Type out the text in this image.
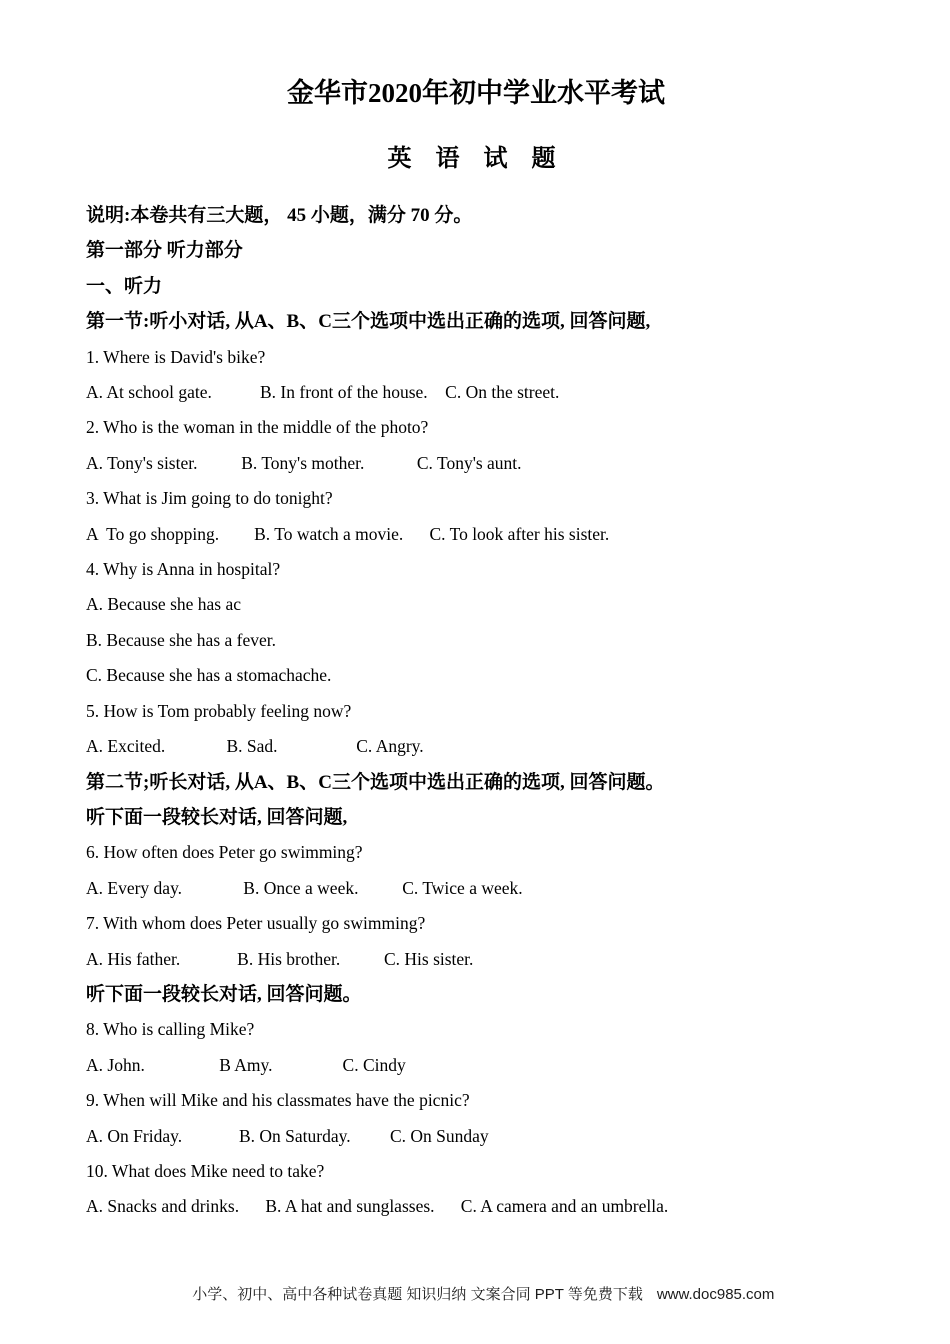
金华市2020年初中学业水平考试
英 语 试 题
说明:本卷共有三大题， 45 小题，满分 70 分。
第一部分 听力部分
一、听力
第一节:听小对话, 从A、B、C三个选项中选出正确的选项, 回答问题,
1. Where is David's bike?
A. At school gate.           B. In front of the house.    C. On the street.
2. Who is the woman in the middle of the photo?
A. Tony's sister.          B. Tony's mother.            C. Tony's aunt.
3. What is Jim going to do tonight?
A  To go shopping.        B. To watch a movie.      C. To look after his sister.
4. Why is Anna in hospital?
A. Because she has ac
B. Because she has a fever.
C. Because she has a stomachache.
5. How is Tom probably feeling now?
A. Excited.              B. Sad.                  C. Angry.
第二节;听长对话, 从A、B、C三个选项中选出正确的选项, 回答问题。
听下面一段较长对话, 回答问题,
6. How often does Peter go swimming?
A. Every day.              B. Once a week.          C. Twice a week.
7. With whom does Peter usually go swimming?
A. His father.             B. His brother.          C. His sister.
听下面一段较长对话, 回答问题。
8. Who is calling Mike?
A. John.                 B Amy.                C. Cindy
9. When will Mike and his classmates have the picnic?
A. On Friday.             B. On Saturday.         C. On Sunday
10. What does Mike need to take?
A. Snacks and drinks.      B. A hat and sunglasses.      C. A camera and an umbrella.

小学、初中、高中各种试卷真题 知识归纳 文案合同 PPT 等免费下载 www.doc985.com
